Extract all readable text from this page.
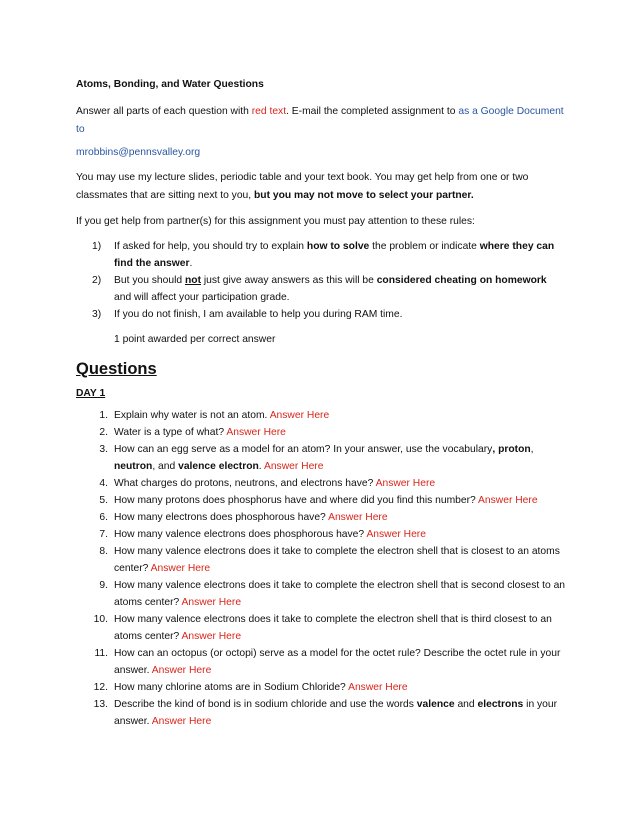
Atoms, Bonding, and Water Questions

Answer all parts of each question with red text. E-mail the completed assignment to as a Google Document to

mrobbins@pennsvalley.org

You may use my lecture slides, periodic table and your text book. You may get help from one or two classmates that are sitting next to you, but you may not move to select your partner.

If you get help from partner(s) for this assignment you must pay attention to these rules:

1) If asked for help, you should try to explain how to solve the problem or indicate where they can find the answer.
2) But you should not just give away answers as this will be considered cheating on homework and will affect your participation grade.
3) If you do not finish, I am available to help you during RAM time.

1 point awarded per correct answer

Questions

DAY 1

1. Explain why water is not an atom. Answer Here
2. Water is a type of what? Answer Here
3. How can an egg serve as a model for an atom? In your answer, use the vocabulary, proton, neutron, and valence electron. Answer Here
4. What charges do protons, neutrons, and electrons have? Answer Here
5. How many protons does phosphorus have and where did you find this number? Answer Here
6. How many electrons does phosphorous have? Answer Here
7. How many valence electrons does phosphorous have? Answer Here
8. How many valence electrons does it take to complete the electron shell that is closest to an atoms center? Answer Here
9. How many valence electrons does it take to complete the electron shell that is second closest to an atoms center? Answer Here
10. How many valence electrons does it take to complete the electron shell that is third closest to an atoms center? Answer Here
11. How can an octopus (or octopi) serve as a model for the octet rule? Describe the octet rule in your answer. Answer Here
12. How many chlorine atoms are in Sodium Chloride? Answer Here
13. Describe the kind of bond is in sodium chloride and use the words valence and electrons in your answer. Answer Here
